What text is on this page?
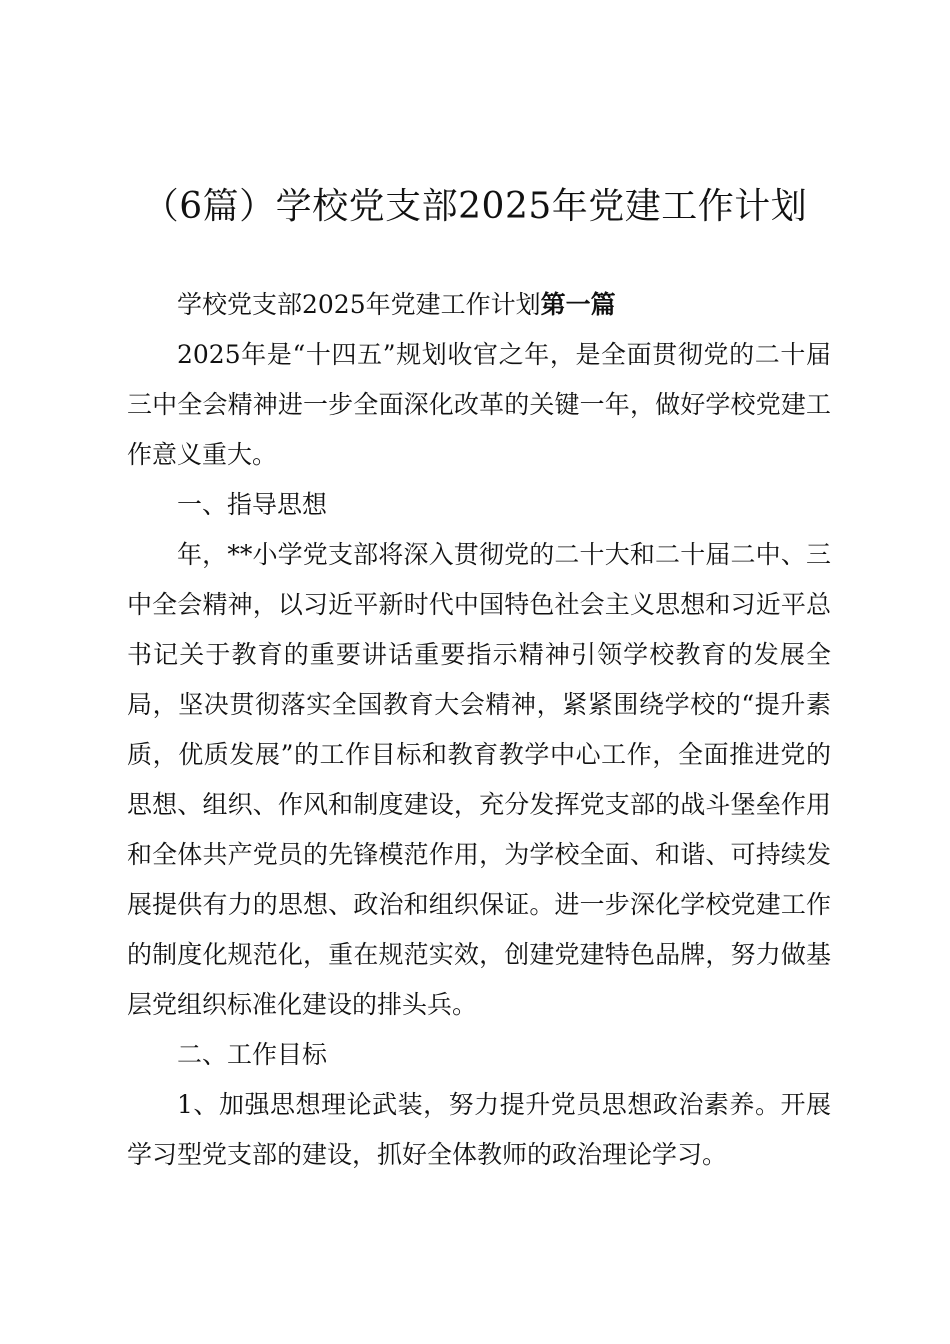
（6篇）学校党支部2025年党建工作计划

学校党支部2025年党建工作计划第一篇

2025年是“十四五”规划收官之年，是全面贯彻党的二十届三中全会精神进一步全面深化改革的关键一年，做好学校党建工作意义重大。

一、指导思想

年，**小学党支部将深入贯彻党的二十大和二十届二中、三中全会精神，以习近平新时代中国特色社会主义思想和习近平总书记关于教育的重要讲话重要指示精神引领学校教育的发展全局，坚决贯彻落实全国教育大会精神，紧紧围绕学校的“提升素质，优质发展”的工作目标和教育教学中心工作，全面推进党的思想、组织、作风和制度建设，充分发挥党支部的战斗堡垒作用和全体共产党员的先锋模范作用，为学校全面、和谐、可持续发展提供有力的思想、政治和组织保证。进一步深化学校党建工作的制度化规范化，重在规范实效，创建党建特色品牌，努力做基层党组织标准化建设的排头兵。

二、工作目标

1、加强思想理论武装，努力提升党员思想政治素养。开展学习型党支部的建设，抓好全体教师的政治理论学习。
